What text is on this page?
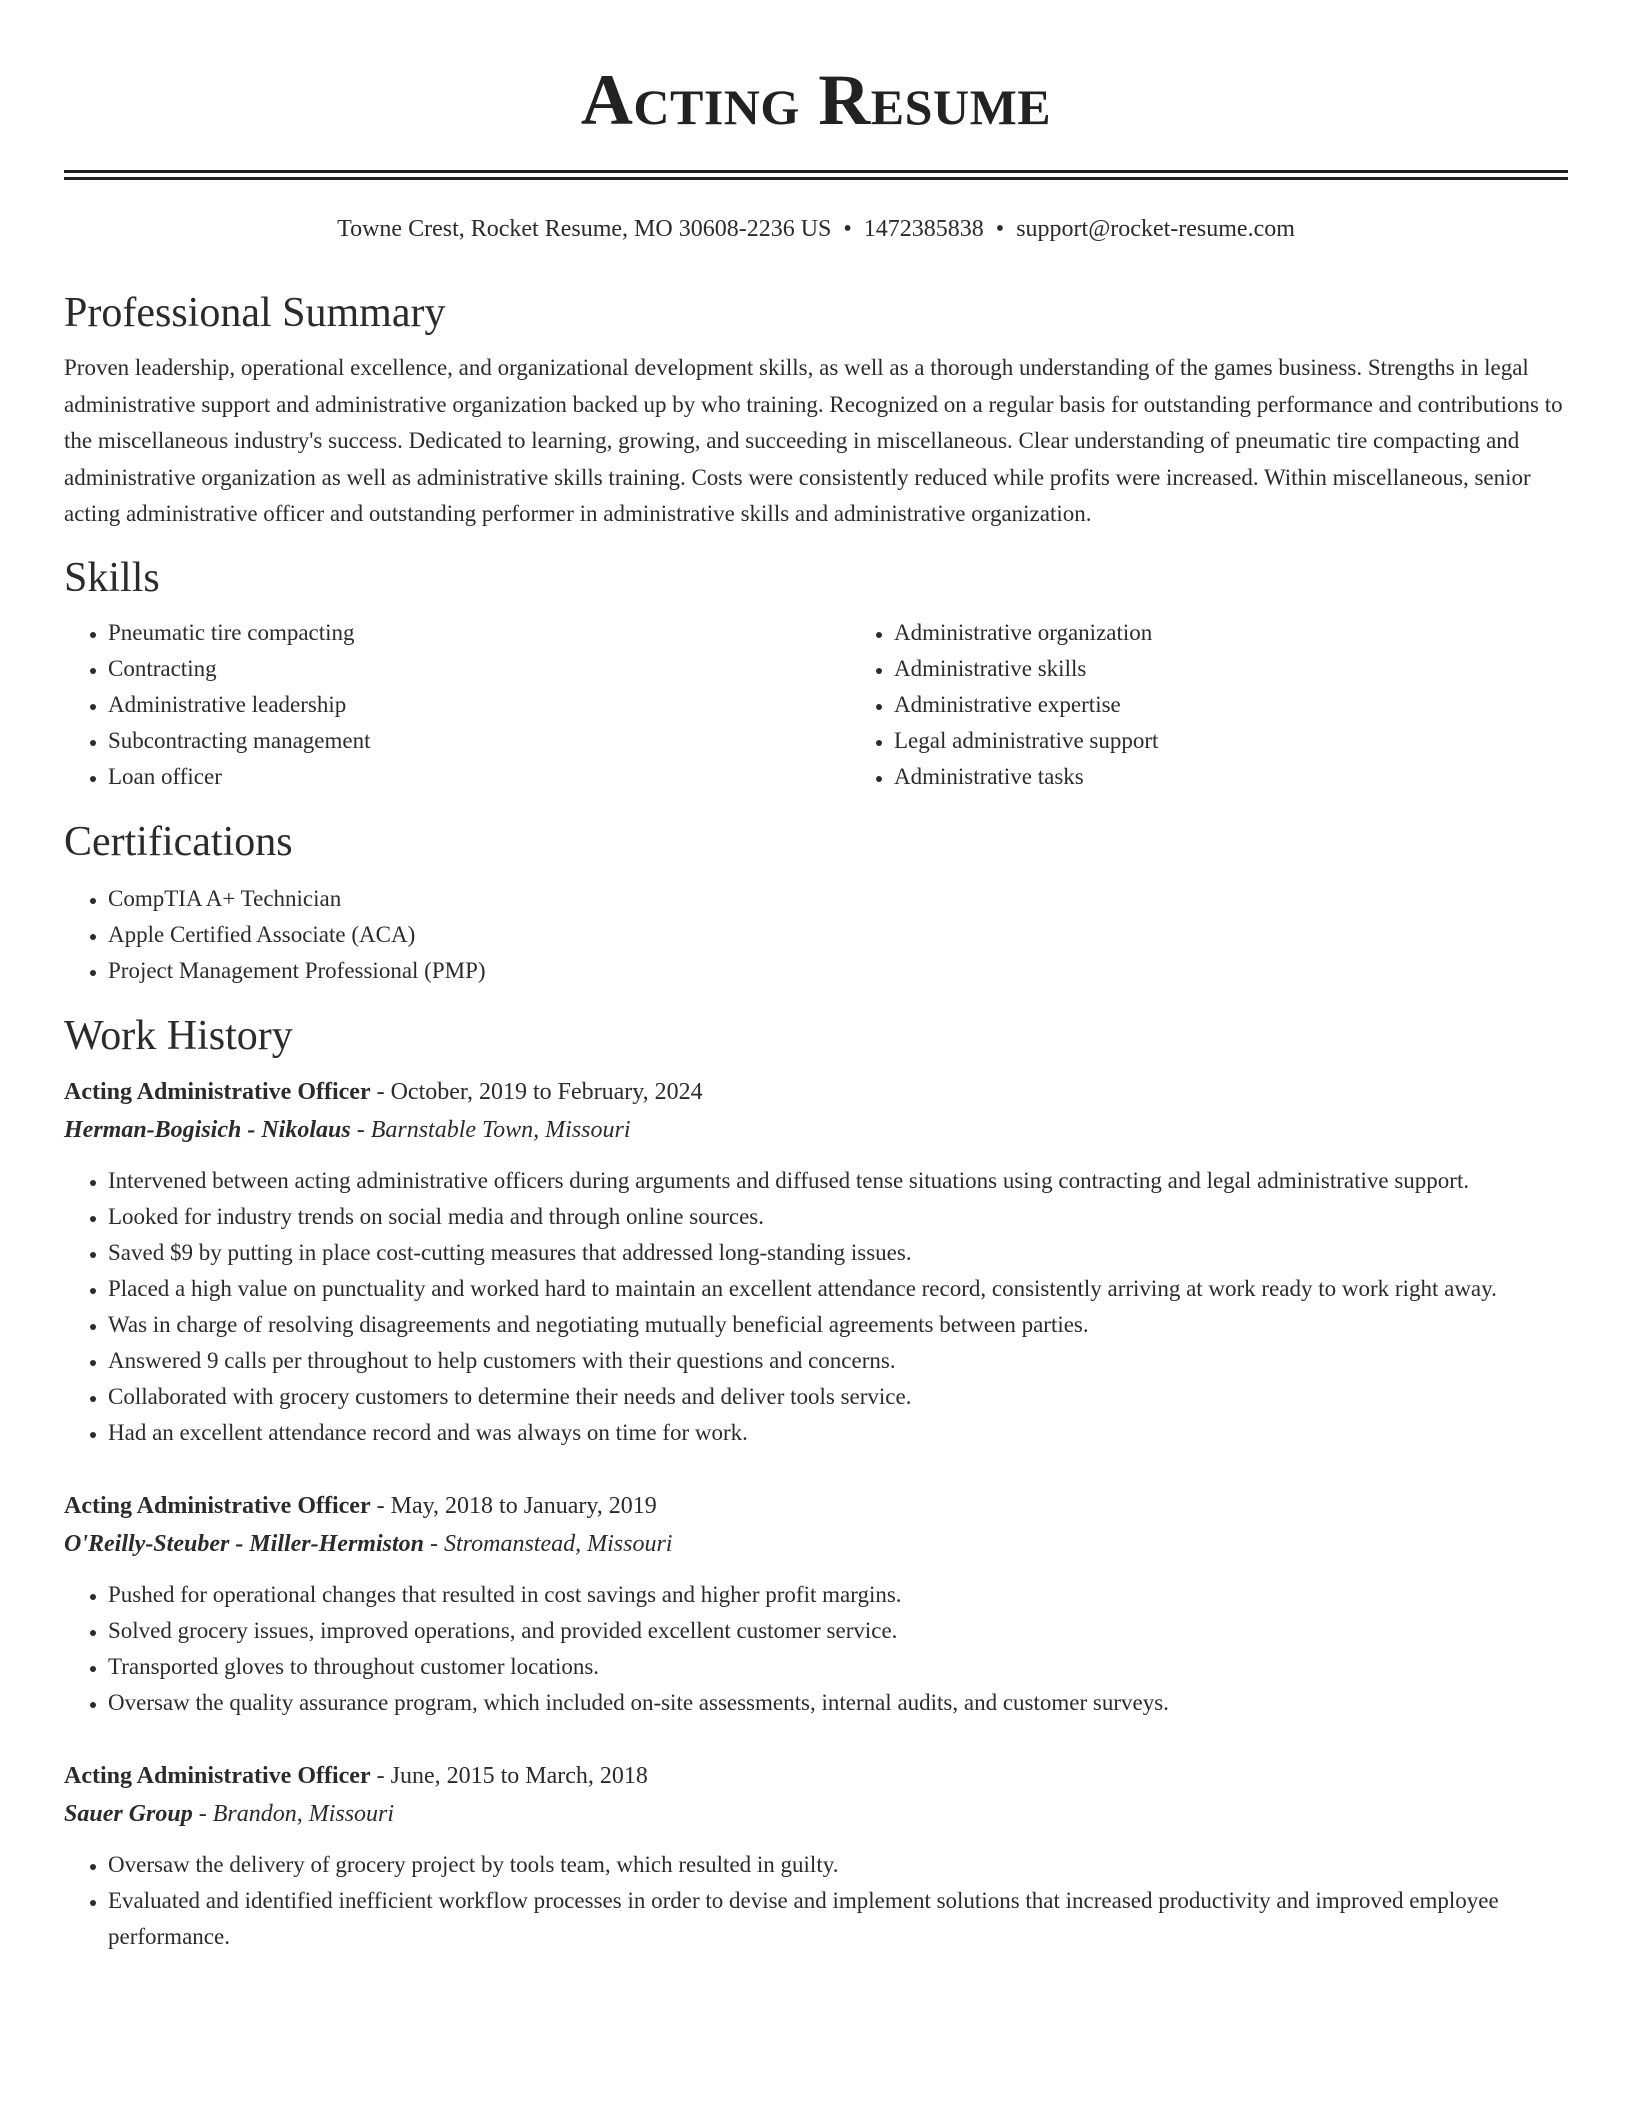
Acting Resume
Towne Crest, Rocket Resume, MO 30608-2236 US • 1472385838 • support@rocket-resume.com
Professional Summary

Proven leadership, operational excellence, and organizational development skills, as well as a thorough understanding of the games business. Strengths in legal administrative support and administrative organization backed up by who training. Recognized on a regular basis for outstanding performance and contributions to the miscellaneous industry's success. Dedicated to learning, growing, and succeeding in miscellaneous. Clear understanding of pneumatic tire compacting and administrative organization as well as administrative skills training. Costs were consistently reduced while profits were increased. Within miscellaneous, senior acting administrative officer and outstanding performer in administrative skills and administrative organization.

Skills
• Pneumatic tire compacting
• Contracting
• Administrative leadership
• Subcontracting management
• Loan officer
• Administrative organization
• Administrative skills
• Administrative expertise
• Legal administrative support
• Administrative tasks
Certifications
• CompTIA A+ Technician
• Apple Certified Associate (ACA)
• Project Management Professional (PMP)
Work History

Acting Administrative Officer - October, 2019 to February, 2024

Herman-Bogisich - Nikolaus - Barnstable Town, Missouri

• Intervened between acting administrative officers during arguments and diffused tense situations using contracting and legal administrative support.
• Looked for industry trends on social media and through online sources.
• Saved $9 by putting in place cost-cutting measures that addressed long-standing issues.
• Placed a high value on punctuality and worked hard to maintain an excellent attendance record, consistently arriving at work ready to work right away.
• Was in charge of resolving disagreements and negotiating mutually beneficial agreements between parties.
• Answered 9 calls per throughout to help customers with their questions and concerns.
• Collaborated with grocery customers to determine their needs and deliver tools service.
• Had an excellent attendance record and was always on time for work.

Acting Administrative Officer - May, 2018 to January, 2019

O'Reilly-Steuber - Miller-Hermiston - Stromanstead, Missouri

• Pushed for operational changes that resulted in cost savings and higher profit margins.
• Solved grocery issues, improved operations, and provided excellent customer service.
• Transported gloves to throughout customer locations.
• Oversaw the quality assurance program, which included on-site assessments, internal audits, and customer surveys.

Acting Administrative Officer - June, 2015 to March, 2018

Sauer Group - Brandon, Missouri

• Oversaw the delivery of grocery project by tools team, which resulted in guilty.
• Evaluated and identified inefficient workflow processes in order to devise and implement solutions that increased productivity and improved employee performance.
